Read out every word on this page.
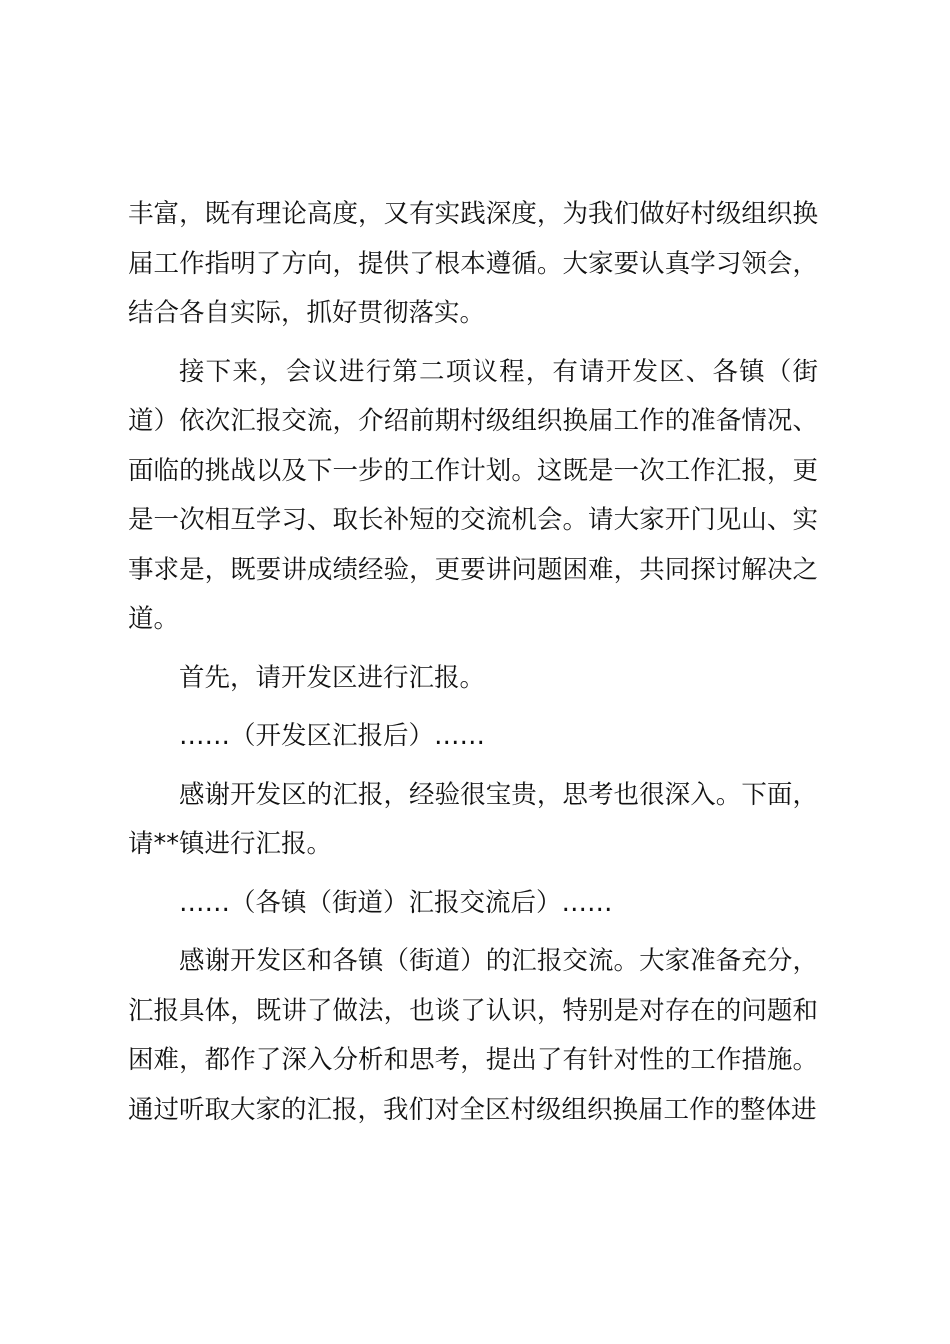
丰富，既有理论高度，又有实践深度，为我们做好村级组织换届工作指明了方向，提供了根本遵循。大家要认真学习领会，结合各自实际，抓好贯彻落实。

接下来，会议进行第二项议程，有请开发区、各镇（街道）依次汇报交流，介绍前期村级组织换届工作的准备情况、面临的挑战以及下一步的工作计划。这既是一次工作汇报，更是一次相互学习、取长补短的交流机会。请大家开门见山、实事求是，既要讲成绩经验，更要讲问题困难，共同探讨解决之道。

首先，请开发区进行汇报。

……（开发区汇报后）……

感谢开发区的汇报，经验很宝贵，思考也很深入。下面，请**镇进行汇报。

……（各镇（街道）汇报交流后）……

感谢开发区和各镇（街道）的汇报交流。大家准备充分，汇报具体，既讲了做法，也谈了认识，特别是对存在的问题和困难，都作了深入分析和思考，提出了有针对性的工作措施。通过听取大家的汇报，我们对全区村级组织换届工作的整体进
